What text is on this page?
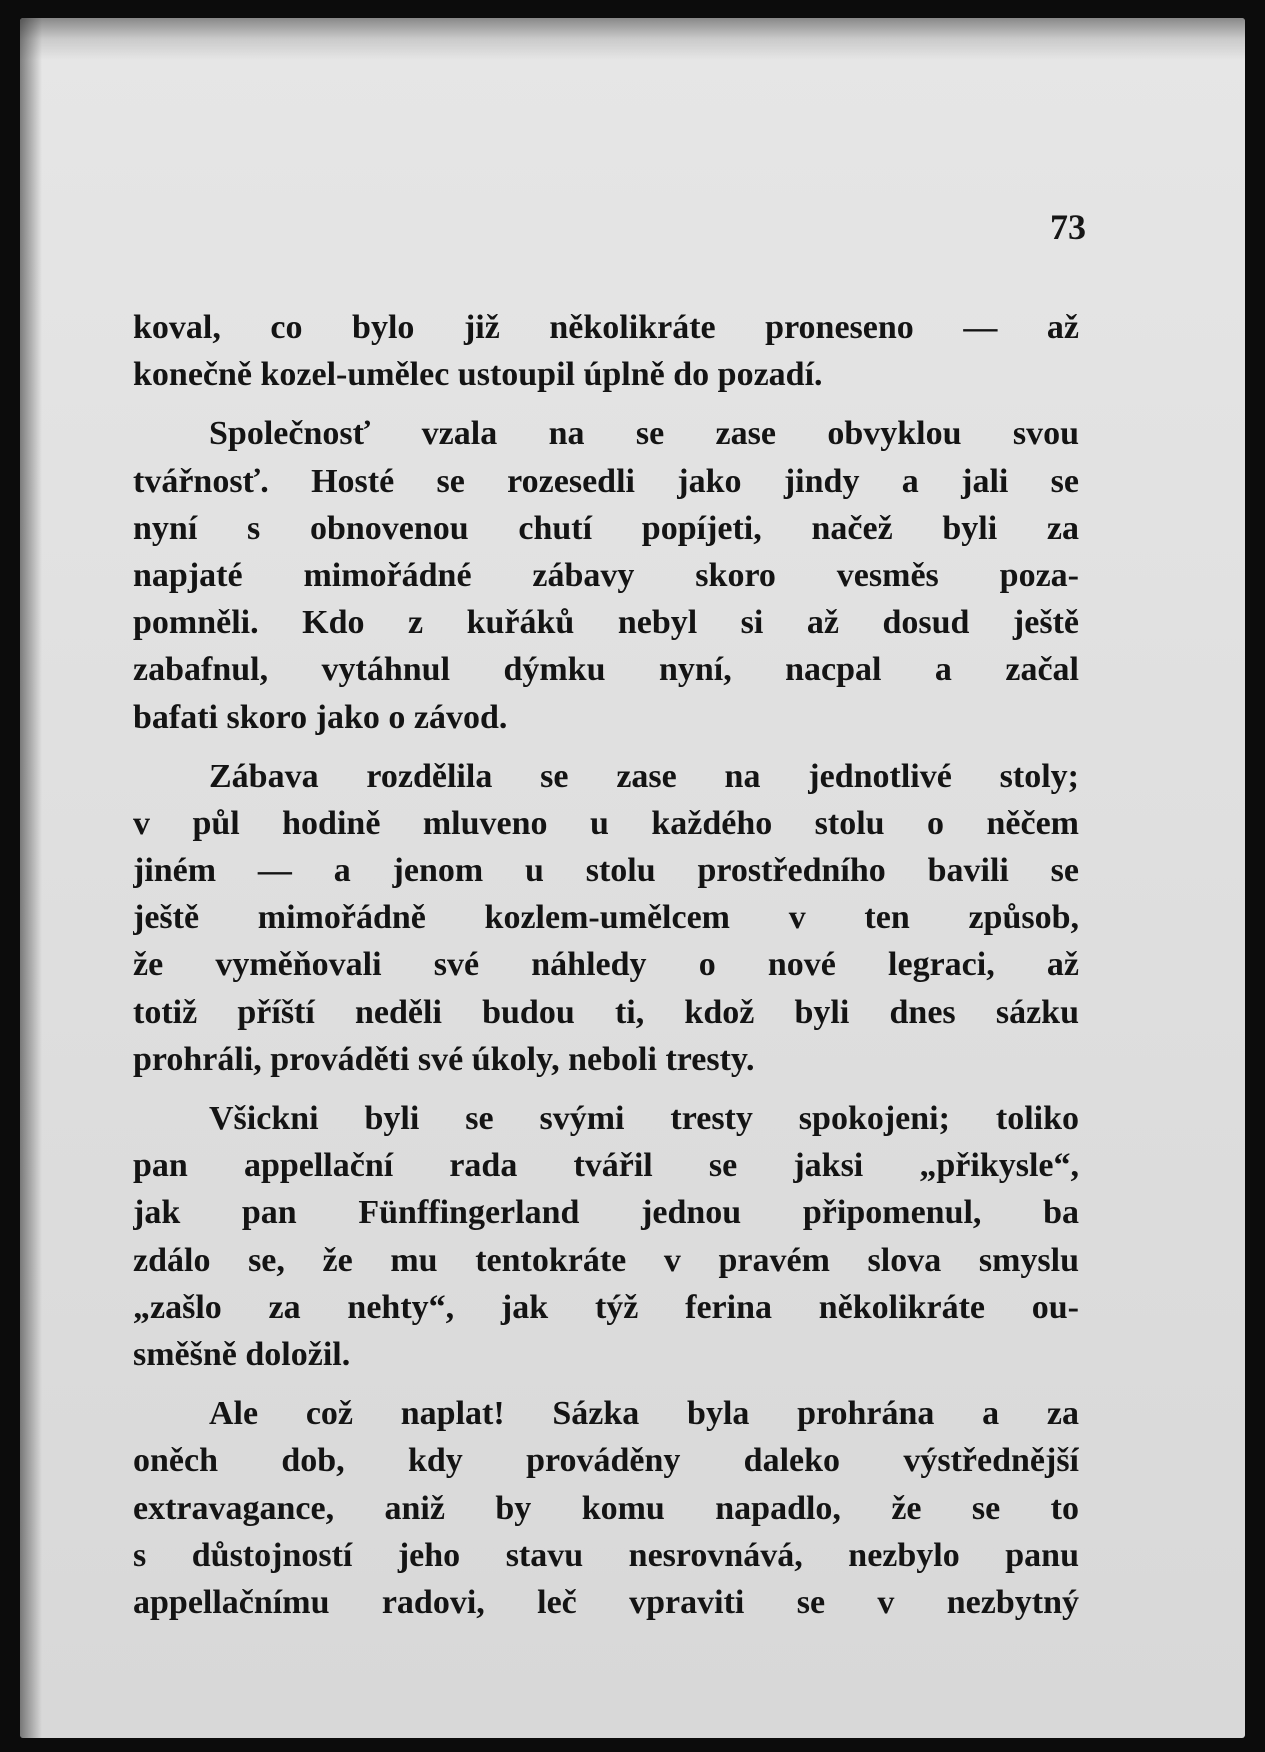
73
koval, co bylo již několikráte proneseno — až
konečně kozel-umělec ustoupil úplně do pozadí.
Společnosť vzala na se zase obvyklou svou
tvářnosť. Hosté se rozesedli jako jindy a jali se
nyní s obnovenou chutí popíjeti, načež byli za
napjaté mimořádné zábavy skoro vesměs poza-
pomněli. Kdo z kuřáků nebyl si až dosud ještě
zabafnul, vytáhnul dýmku nyní, nacpal a začal
bafati skoro jako o závod.
Zábava rozdělila se zase na jednotlivé stoly;
v půl hodině mluveno u každého stolu o něčem
jiném — a jenom u stolu prostředního bavili se
ještě mimořádně kozlem-umělcem v ten způsob,
že vyměňovali své náhledy o nové legraci, až
totiž příští neděli budou ti, kdož byli dnes sázku
prohráli, prováděti své úkoly, neboli tresty.
Všickni byli se svými tresty spokojeni; toliko
pan appellační rada tvářil se jaksi „přikysle“,
jak pan Fünffingerland jednou připomenul, ba
zdálo se, že mu tentokráte v pravém slova smyslu
„zašlo za nehty“, jak týž ferina několikráte ou-
směšně doložil.
Ale což naplat! Sázka byla prohrána a za
oněch dob, kdy prováděny daleko výstřednější
extravagance, aniž by komu napadlo, že se to
s důstojností jeho stavu nesrovnává, nezbylo panu
appellačnímu radovi, leč vpraviti se v nezbytný
